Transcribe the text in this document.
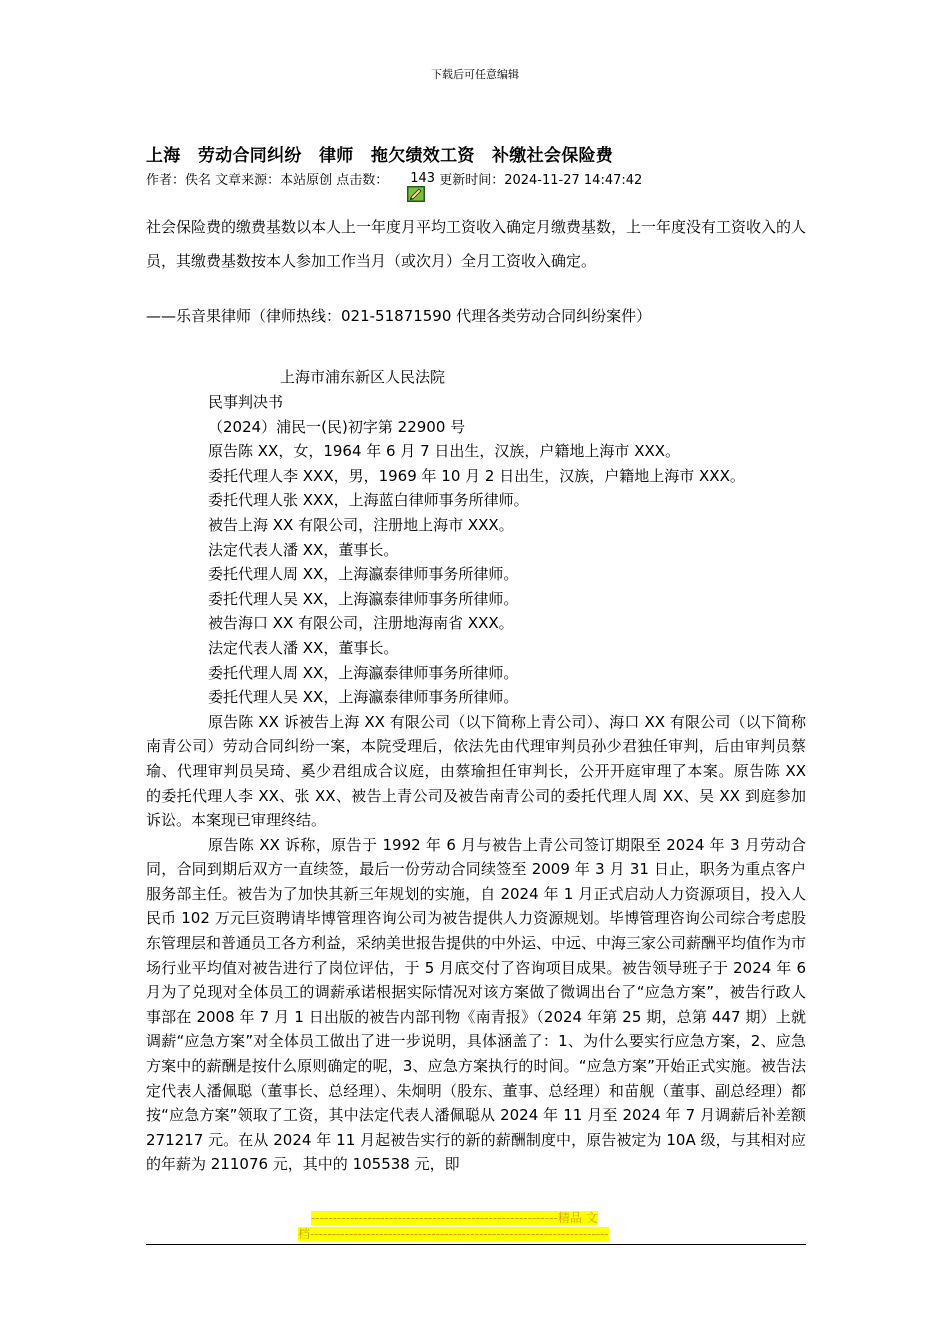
下载后可任意编辑
上海　劳动合同纠纷　律师　拖欠绩效工资　补缴社会保险费
作者：佚名 文章来源：本站原创 点击数：

143 更新时间：2024-11-27 14:47:42
社会保险费的缴费基数以本人上一年度月平均工资收入确定月缴费基数，上一年度没有工资收入的人员，其缴费基数按本人参加工作当月（或次月）全月工资收入确定。
——乐音果律师（律师热线：021-51871590 代理各类劳动合同纠纷案件）
上海市浦东新区人民法院
民事判决书
（2024）浦民一(民)初字第 22900 号
原告陈 XX，女，1964 年 6 月 7 日出生，汉族，户籍地上海市 XXX。
委托代理人李 XXX，男，1969 年 10 月 2 日出生，汉族，户籍地上海市 XXX。
委托代理人张 XXX，上海蓝白律师事务所律师。
被告上海 XX 有限公司，注册地上海市 XXX。
法定代表人潘 XX，董事长。
委托代理人周 XX，上海瀛泰律师事务所律师。
委托代理人吴 XX，上海瀛泰律师事务所律师。
被告海口 XX 有限公司，注册地海南省 XXX。
法定代表人潘 XX，董事长。
委托代理人周 XX，上海瀛泰律师事务所律师。
委托代理人吴 XX，上海瀛泰律师事务所律师。

原告陈 XX 诉被告上海 XX 有限公司（以下简称上青公司）、海口 XX 有限公司（以下简称南青公司）劳动合同纠纷一案，本院受理后，依法先由代理审判员孙少君独任审判，后由审判员蔡瑜、代理审判员吴琦、奚少君组成合议庭，由蔡瑜担任审判长，公开开庭审理了本案。原告陈 XX 的委托代理人李 XX、张 XX、被告上青公司及被告南青公司的委托代理人周 XX、吴 XX 到庭参加诉讼。本案现已审理终结。

原告陈 XX 诉称，原告于 1992 年 6 月与被告上青公司签订期限至 2024 年 3 月劳动合同，合同到期后双方一直续签，最后一份劳动合同续签至 2009 年 3 月 31 日止，职务为重点客户服务部主任。被告为了加快其新三年规划的实施，自 2024 年 1 月正式启动人力资源项目，投入人民币 102 万元巨资聘请毕博管理咨询公司为被告提供人力资源规划。毕博管理咨询公司综合考虑股东管理层和普通员工各方利益，采纳美世报告提供的中外运、中远、中海三家公司薪酬平均值作为市场行业平均值对被告进行了岗位评估，于 5 月底交付了咨询项目成果。被告领导班子于 2024 年 6 月为了兑现对全体员工的调薪承诺根据实际情况对该方案做了微调出台了“应急方案”，被告行政人事部在 2008 年 7 月 1 日出版的被告内部刊物《南青报》（2024 年第 25 期，总第 447 期）上就调薪“应急方案”对全体员工做出了进一步说明，具体涵盖了：1、为什么要实行应急方案，2、应急方案中的薪酬是按什么原则确定的呢，3、应急方案执行的时间。“应急方案”开始正式实施。被告法定代表人潘佩聪（董事长、总经理）、朱炯明（股东、董事、总经理）和苗舰（董事、副总经理）都按“应急方案”领取了工资，其中法定代表人潘佩聪从 2024 年 11 月至 2024 年 7 月调薪后补差额 271217 元。在从 2024 年 11 月起被告实行的新的薪酬制度中，原告被定为 10A 级，与其相对应的年薪为 211076 元，其中的 105538 元，即

---------------------------------------------------------精品 文
档---------------------------------------------------------------------
